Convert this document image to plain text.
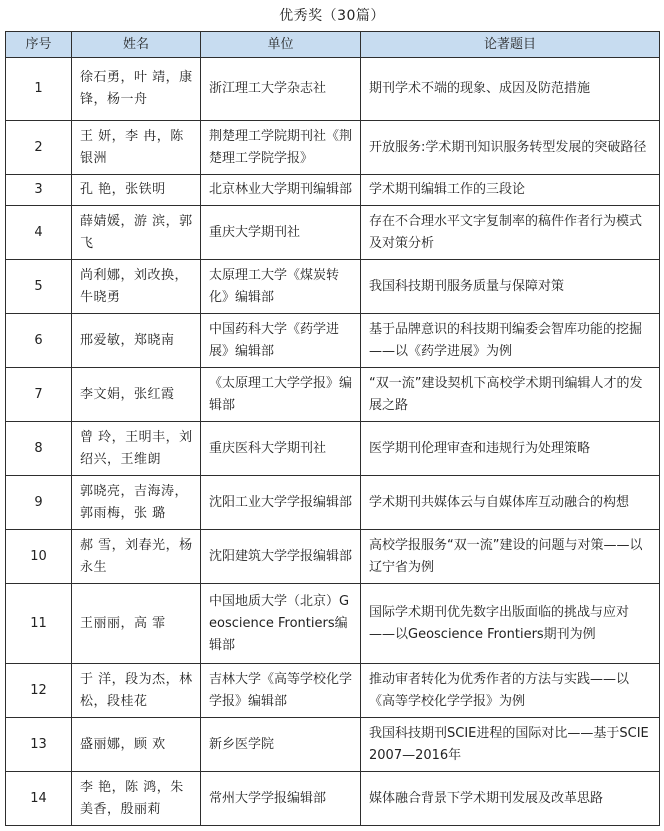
优秀奖（30篇）
序号	姓名	单位	论著题目
1	徐石勇，叶 靖，康 锋，杨一舟	浙江理工大学杂志社	期刊学术不端的现象、成因及防范措施
2	王 妍，李 冉，陈银洲	荆楚理工学院期刊社《荆楚理工学院学报》	开放服务:学术期刊知识服务转型发展的突破路径
3	孔 艳，张铁明	北京林业大学期刊编辑部	学术期刊编辑工作的三段论
4	薛婧媛，游 滨，郭 飞	重庆大学期刊社	存在不合理水平文字复制率的稿件作者行为模式及对策分析
5	尚利娜，刘改换，牛晓勇	太原理工大学《煤炭转化》编辑部	我国科技期刊服务质量与保障对策
6	邢爱敏，郑晓南	中国药科大学《药学进展》编辑部	基于品牌意识的科技期刊编委会智库功能的挖掘——以《药学进展》为例
7	李文娟，张红霞	《太原理工大学学报》编辑部	“双一流”建设契机下高校学术期刊编辑人才的发展之路
8	曾 玲，王明丰，刘绍兴，王维朗	重庆医科大学期刊社	医学期刊伦理审查和违规行为处理策略
9	郭晓亮，吉海涛，郭雨梅，张 璐	沈阳工业大学学报编辑部	学术期刊共媒体云与自媒体库互动融合的构想
10	郝 雪，刘春光，杨永生	沈阳建筑大学学报编辑部	高校学报服务“双一流”建设的问题与对策——以辽宁省为例
11	王丽丽，高 霏	中国地质大学（北京）Geoscience Frontiers编辑部	国际学术期刊优先数字出版面临的挑战与应对——以Geoscience Frontiers期刊为例
12	于 洋，段为杰，林 松，段桂花	吉林大学《高等学校化学学报》编辑部	推动审者转化为优秀作者的方法与实践——以《高等学校化学学报》为例
13	盛丽娜，顾 欢	新乡医学院	我国科技期刊SCIE进程的国际对比——基于SCIE 2007—2016年
14	李 艳，陈 鸿，朱美香，殷丽莉	常州大学学报编辑部	媒体融合背景下学术期刊发展及改革思路
